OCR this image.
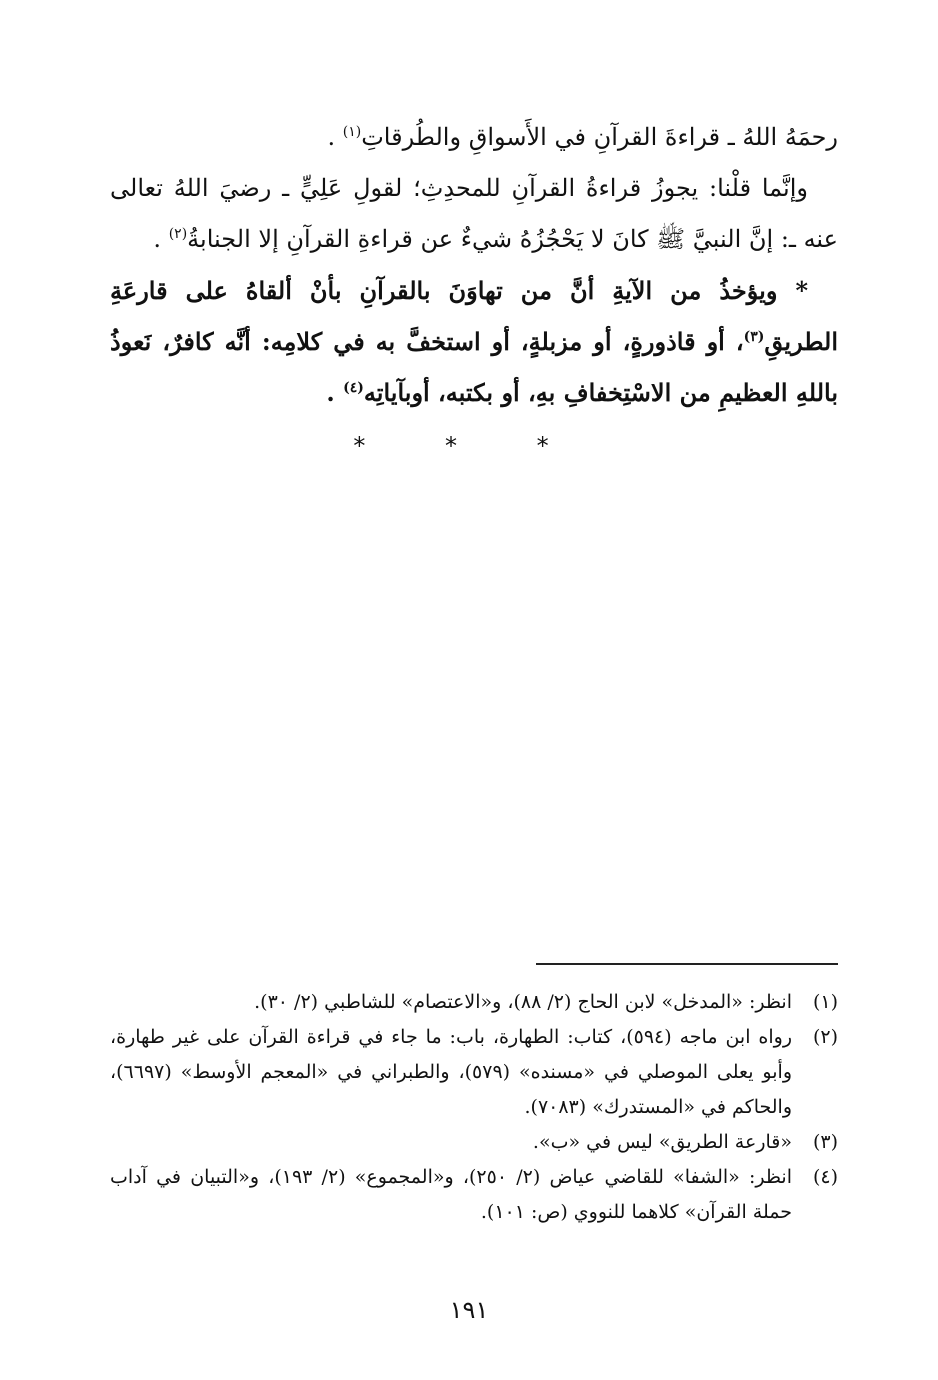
رحمَهُ اللهُ ـ قراءةَ القرآنِ في الأَسواقِ والطُرقاتِ$^{(١)}$ .

وإنَّما قلْنا: يجوزُ قراءةُ القرآنِ للمحدِثِ؛ لقولِ عَلِيٍّ ـ رضيَ اللهُ تعالى عنه ـ: إنَّ النبيَّ ﷺ كانَ لا يَحْجُزُهُ شيءٌ عن قراءةِ القرآنِ إلا الجنابةُ$^{(٢)}$ .

* ويؤخذُ من الآيةِ أنَّ من تهاوَنَ بالقرآنِ بأنْ ألقاهُ على قارعَةِ الطريقِ$^{(٣)}$، أو قاذورةٍ، أو مزبلةٍ، أو استخفَّ به في كلامِه: أنَّه كافرٌ، نَعوذُ باللهِ العظيمِ من الاسْتِخفافِ بهِ، أو بكتبه، أوبآياتِه$^{(٤)}$ .

* * *
(١)
انظر: «المدخل» لابن الحاج (٢/ ٨٨)، و«الاعتصام» للشاطبي (٢/ ٣٠).
(٢)
رواه ابن ماجه (٥٩٤)، كتاب: الطهارة، باب: ما جاء في قراءة القرآن على غير طهارة، وأبو يعلى الموصلي في «مسنده» (٥٧٩)، والطبراني في «المعجم الأوسط» (٦٦٩٧)، والحاكم في «المستدرك» (٧٠٨٣).
(٣)
«قارعة الطريق» ليس في «ب».
(٤)
انظر: «الشفا» للقاضي عياض (٢/ ٢٥٠)، و«المجموع» (٢/ ١٩٣)، و«التبيان في آداب حملة القرآن» كلاهما للنووي (ص: ١٠١).
١٩١
